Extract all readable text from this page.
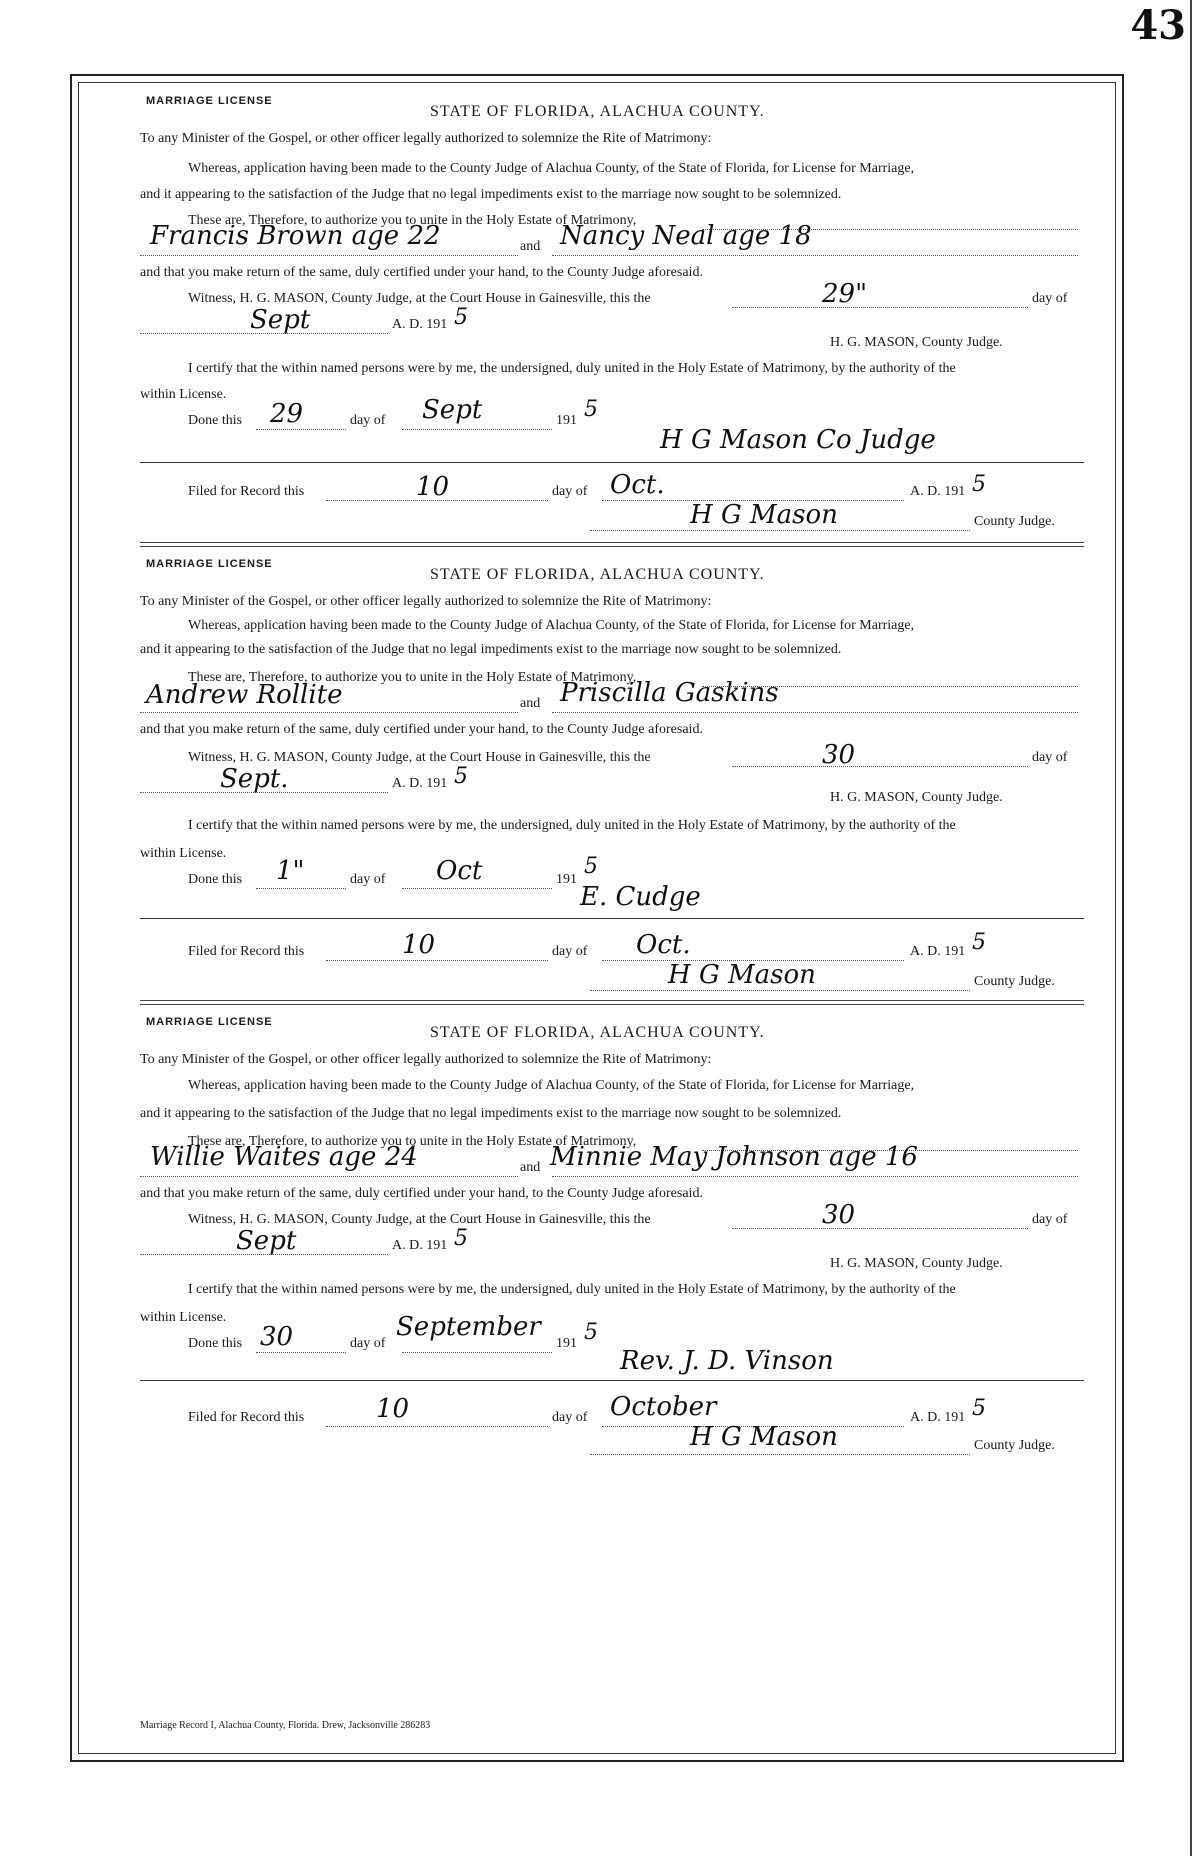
43
MARRIAGE LICENSE
STATE OF FLORIDA, ALACHUA COUNTY.
To any Minister of the Gospel, or other officer legally authorized to solemnize the Rite of Matrimony:
Whereas, application having been made to the County Judge of Alachua County, of the State of Florida, for License for Marriage,
and it appearing to the satisfaction of the Judge that no legal impediments exist to the marriage now sought to be solemnized.
These are, Therefore, to authorize you to unite in the Holy Estate of Matrimony,
Francis Brown age 22	and Nancy Neal age 18
and that you make return of the same, duly certified under your hand, to the County Judge aforesaid.
Witness, H. G. MASON, County Judge, at the Court House in Gainesville, this the	29"	day of
Sept	A. D. 191 5
H. G. MASON, County Judge.
I certify that the within named persons were by me, the undersigned, duly united in the Holy Estate of Matrimony, by the authority of the
within License.
Done this 29	day of Sept	191 5
H G Mason Co Judge
Filed for Record this	10	day of Oct.	A. D. 191 5
H G Mason	County Judge.
MARRIAGE LICENSE
STATE OF FLORIDA, ALACHUA COUNTY.
To any Minister of the Gospel, or other officer legally authorized to solemnize the Rite of Matrimony:
Whereas, application having been made to the County Judge of Alachua County, of the State of Florida, for License for Marriage,
and it appearing to the satisfaction of the Judge that no legal impediments exist to the marriage now sought to be solemnized.
These are, Therefore, to authorize you to unite in the Holy Estate of Matrimony,
Andrew Rollite	and Priscilla Gaskins
and that you make return of the same, duly certified under your hand, to the County Judge aforesaid.
Witness, H. G. MASON, County Judge, at the Court House in Gainesville, this the	30	day of
Sept.	A. D. 191 5
H. G. MASON, County Judge.
I certify that the within named persons were by me, the undersigned, duly united in the Holy Estate of Matrimony, by the authority of the
within License.
Done this 1"	day of Oct	191
5
E. Cudge
Filed for Record this	10	day of Oct.	A. D. 191 5
H G Mason	County Judge.
MARRIAGE LICENSE
STATE OF FLORIDA, ALACHUA COUNTY.
To any Minister of the Gospel, or other officer legally authorized to solemnize the Rite of Matrimony:
Whereas, application having been made to the County Judge of Alachua County, of the State of Florida, for License for Marriage,
and it appearing to the satisfaction of the Judge that no legal impediments exist to the marriage now sought to be solemnized.
These are, Therefore, to authorize you to unite in the Holy Estate of Matrimony,
Willie Waites age 24	and Minnie May Johnson age 16
and that you make return of the same, duly certified under your hand, to the County Judge aforesaid.
Witness, H. G. MASON, County Judge, at the Court House in Gainesville, this the	30	day of
Sept	A. D. 191 5
H. G. MASON, County Judge.
I certify that the within named persons were by me, the undersigned, duly united in the Holy Estate of Matrimony, by the authority of the
within License.
Done this 30	day of
September
191 5
Rev. J. D. Vinson
Filed for Record this	10	day of October	A. D. 191 5
H G Mason	County Judge.
Marriage Record I, Alachua County, Florida. Drew, Jacksonville 286283
